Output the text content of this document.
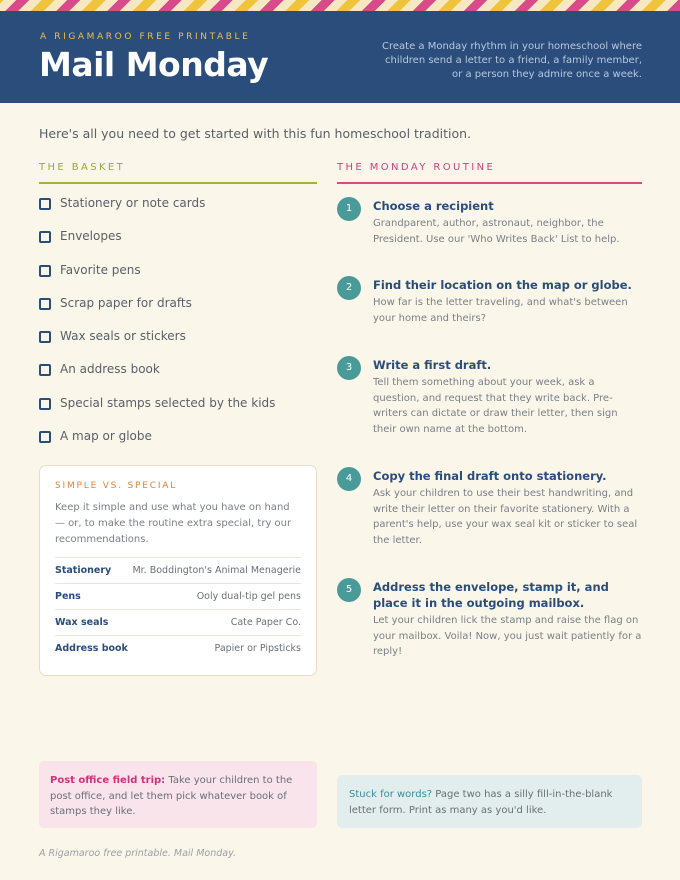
A RIGAMAROO FREE PRINTABLE
Mail Monday	Create a Monday rhythm in your homeschool where children send a letter to a friend, a family member, or a person they admire once a week.
Here's all you need to get started with this fun homeschool tradition.
THE BASKET	THE MONDAY ROUTINE
Stationery or note cards
Envelopes
Favorite pens
Scrap paper for drafts
Wax seals or stickers
An address book
Special stamps selected by the kids
A map or globe
SIMPLE VS. SPECIAL
Keep it simple and use what you have on hand — or, to make the routine extra special, try our recommendations.
Stationery	Mr. Boddington's Animal Menagerie
Pens	Ooly dual-tip gel pens
Wax seals	Cate Paper Co.
Address book	Papier or Pipsticks
1	Choose a recipient
Grandparent, author, astronaut, neighbor, the President. Use our 'Who Writes Back' List to help.
2	Find their location on the map or globe.
How far is the letter traveling, and what's between your home and theirs?
3	Write a first draft.
Tell them something about your week, ask a question, and request that they write back. Pre-writers can dictate or draw their letter, then sign their own name at the bottom.
4	Copy the final draft onto stationery.
Ask your children to use their best handwriting, and write their letter on their favorite stationery. With a parent's help, use your wax seal kit or sticker to seal the letter.
5	Address the envelope, stamp it, and place it in the outgoing mailbox.
Let your children lick the stamp and raise the flag on your mailbox. Voila! Now, you just wait patiently for a reply!
Post office field trip: Take your children to the post office, and let them pick whatever book of stamps they like.
Stuck for words? Page two has a silly fill-in-the-blank letter form. Print as many as you'd like.
A Rigamaroo free printable. Mail Monday.
